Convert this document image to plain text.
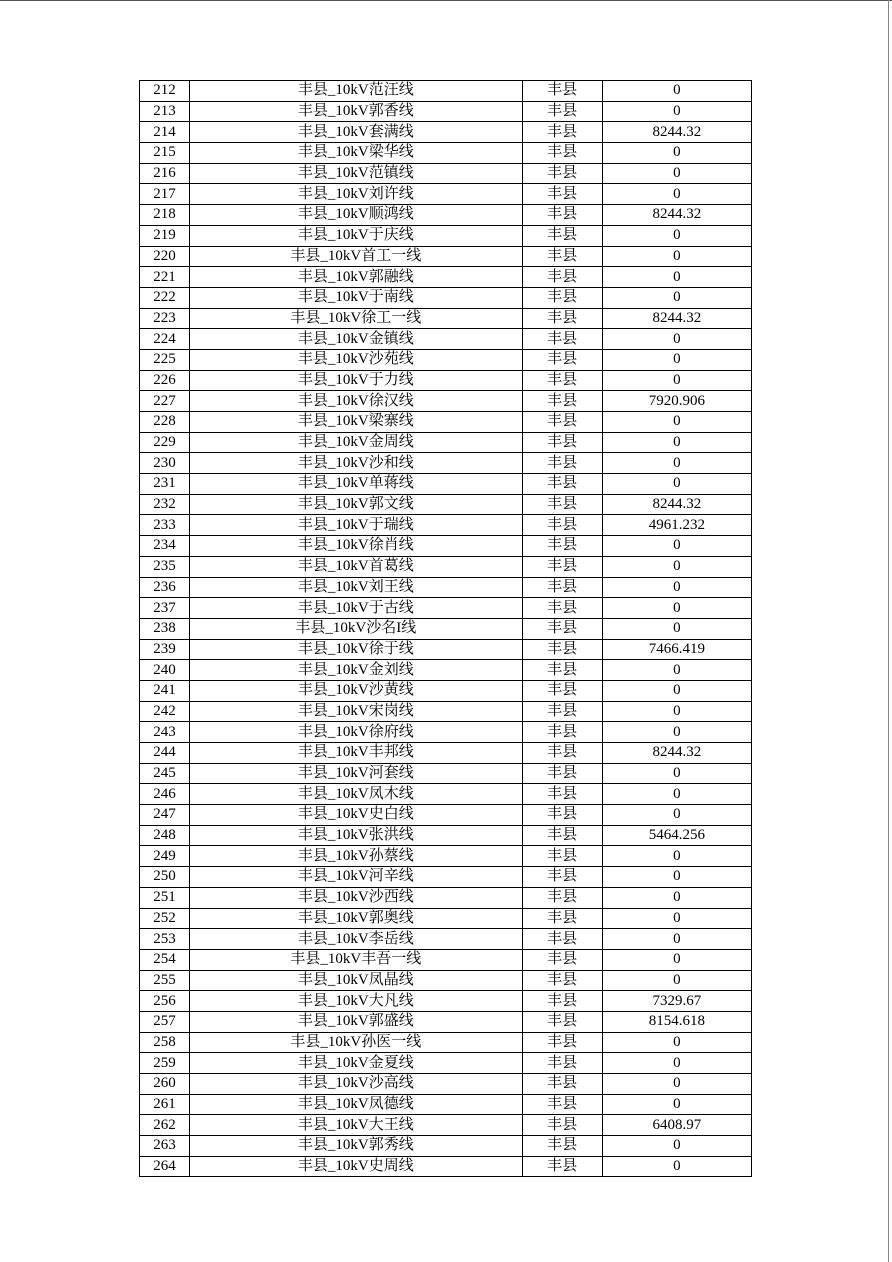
212	丰县_10kV范汪线	丰县	0
213	丰县_10kV郭香线	丰县	0
214	丰县_10kV套满线	丰县	8244.32
215	丰县_10kV梁华线	丰县	0
216	丰县_10kV范镇线	丰县	0
217	丰县_10kV刘许线	丰县	0
218	丰县_10kV顺鸿线	丰县	8244.32
219	丰县_10kV于庆线	丰县	0
220	丰县_10kV首工一线	丰县	0
221	丰县_10kV郭融线	丰县	0
222	丰县_10kV于南线	丰县	0
223	丰县_10kV徐工一线	丰县	8244.32
224	丰县_10kV金镇线	丰县	0
225	丰县_10kV沙苑线	丰县	0
226	丰县_10kV于力线	丰县	0
227	丰县_10kV徐汉线	丰县	7920.906
228	丰县_10kV梁寨线	丰县	0
229	丰县_10kV金周线	丰县	0
230	丰县_10kV沙和线	丰县	0
231	丰县_10kV单蒋线	丰县	0
232	丰县_10kV郭文线	丰县	8244.32
233	丰县_10kV于瑞线	丰县	4961.232
234	丰县_10kV徐肖线	丰县	0
235	丰县_10kV首葛线	丰县	0
236	丰县_10kV刘王线	丰县	0
237	丰县_10kV于古线	丰县	0
238	丰县_10kV沙名I线	丰县	0
239	丰县_10kV徐于线	丰县	7466.419
240	丰县_10kV金刘线	丰县	0
241	丰县_10kV沙黄线	丰县	0
242	丰县_10kV宋岗线	丰县	0
243	丰县_10kV徐府线	丰县	0
244	丰县_10kV丰邦线	丰县	8244.32
245	丰县_10kV河套线	丰县	0
246	丰县_10kV凤木线	丰县	0
247	丰县_10kV史白线	丰县	0
248	丰县_10kV张洪线	丰县	5464.256
249	丰县_10kV孙蔡线	丰县	0
250	丰县_10kV河辛线	丰县	0
251	丰县_10kV沙西线	丰县	0
252	丰县_10kV郭奥线	丰县	0
253	丰县_10kV李岳线	丰县	0
254	丰县_10kV丰吾一线	丰县	0
255	丰县_10kV凤晶线	丰县	0
256	丰县_10kV大凡线	丰县	7329.67
257	丰县_10kV郭盛线	丰县	8154.618
258	丰县_10kV孙医一线	丰县	0
259	丰县_10kV金夏线	丰县	0
260	丰县_10kV沙高线	丰县	0
261	丰县_10kV凤德线	丰县	0
262	丰县_10kV大王线	丰县	6408.97
263	丰县_10kV郭秀线	丰县	0
264	丰县_10kV史周线	丰县	0
